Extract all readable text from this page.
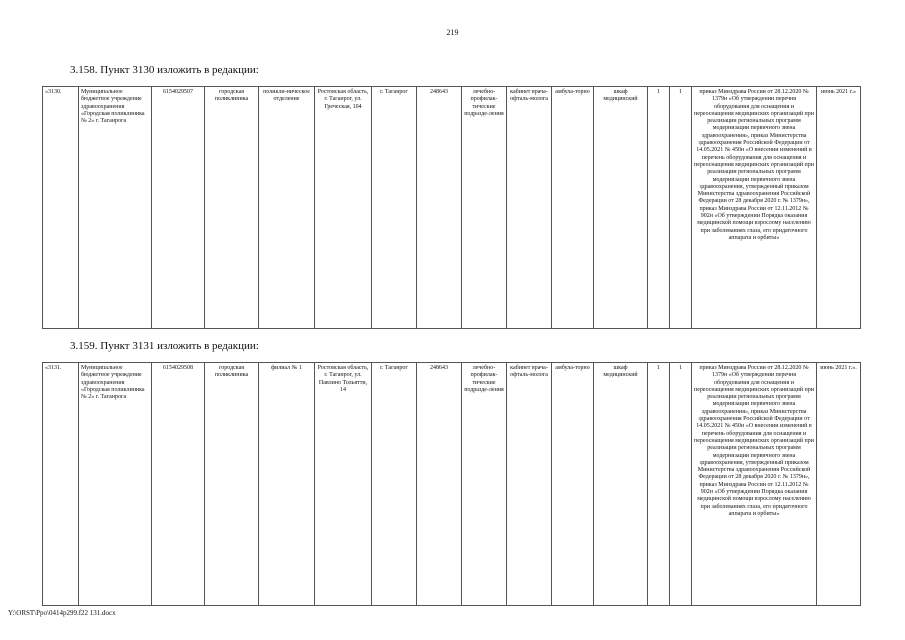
219
3.158. Пункт 3130 изложить в редакции:
«3130.	Муниципальное бюджетное учреждение здравоохранения «Городская поликлиника № 2» г. Таганрога	6154029507	городская поликлиника	поликли-ническое отделение	Ростовская область, г. Таганрог, ул. Греческая, 104	г. Таганрог	248643	лечебно-профилак-тические подразде-ления	кабинет врача-офталь-молога	амбула-торно	шкаф медицинский	1	1	приказ Минздрава России от 28.12.2020 № 1379н «Об утверждении перечня оборудования для оснащения и переоснащения медицинских организаций при реализации региональных программ модернизации первичного звена здравоохранения», приказ Министерства здравоохранения Российской Федерации от 14.05.2021 № 450н «О внесении изменений в перечень оборудования для оснащения и переоснащения медицинских организаций при реализации региональных программ модернизации первичного звена здравоохранения, утвержденный приказом Министерства здравоохранения Российской Федерации от 28 декабря 2020 г. № 1379н», приказ Минздрава России от 12.11.2012 № 902н «Об утверждении Порядка оказания медицинской помощи взрослому населению при заболеваниях глаза, его придаточного аппарата и орбиты»	июнь 2021 г.»
3.159. Пункт 3131 изложить в редакции:
«3131.	Муниципальное бюджетное учреждение здравоохранения «Городская поликлиника № 2» г. Таганрога	6154029508	городская поликлиника	филиал № 1	Ростовская область, г. Таганрог, ул. Павлино Тольятти, 14	г. Таганрог	248643	лечебно-профилак-тические подразде-ления	кабинет врача-офталь-молога	амбула-торно	шкаф медицинский	1	1	приказ Минздрава России от 28.12.2020 № 1379н «Об утверждении перечня оборудования для оснащения и переоснащения медицинских организаций при реализации региональных программ модернизации первичного звена здравоохранения», приказ Министерства здравоохранения Российской Федерации от 14.05.2021 № 450н «О внесении изменений в перечень оборудования для оснащения и переоснащения медицинских организаций при реализации региональных программ модернизации первичного звена здравоохранения, утвержденный приказом Министерства здравоохранения Российской Федерации от 28 декабря 2020 г. № 1379н», приказ Минздрава России от 12.11.2012 № 902н «Об утверждении Порядка оказания медицинской помощи взрослому населению при заболеваниях глаза, его придаточного аппарата и орбиты»	июнь 2021 г.».
Y:\ORST\Ppo\0414p299.f22 131.docx
